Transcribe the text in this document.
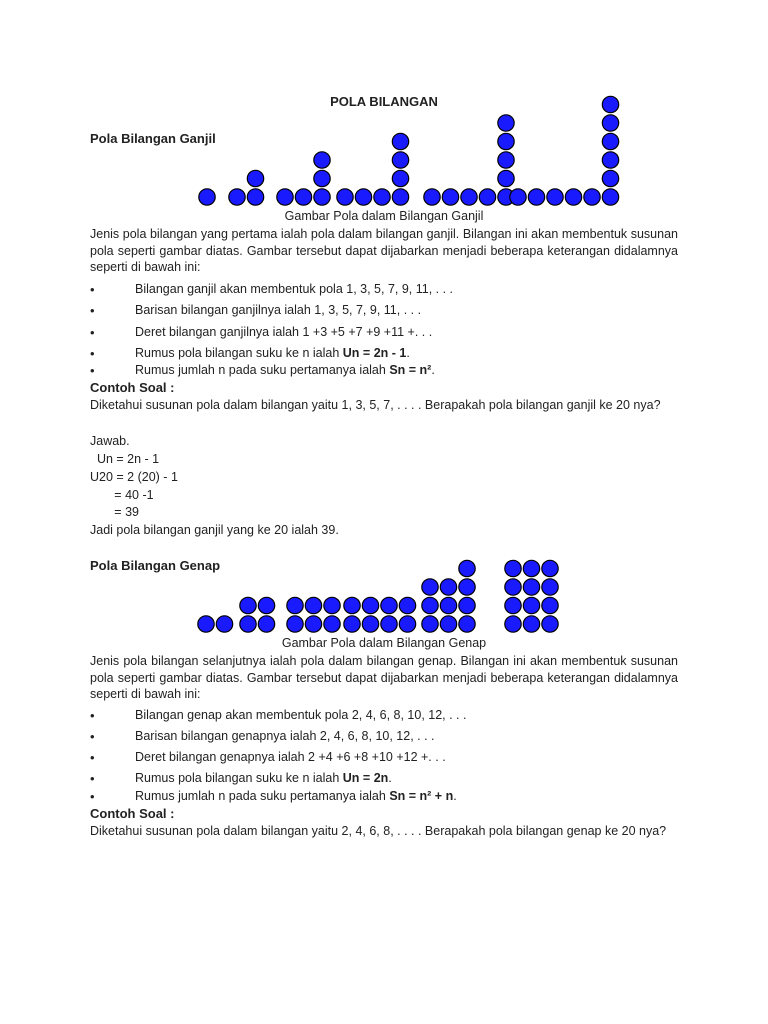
POLA BILANGAN
Pola Bilangan Ganjil
Gambar Pola dalam Bilangan Ganjil
Jenis pola bilangan yang pertama ialah pola dalam bilangan ganjil. Bilangan ini akan membentuk susunan pola seperti gambar diatas. Gambar tersebut dapat dijabarkan menjadi beberapa keterangan didalamnya seperti di bawah ini:
•	Bilangan ganjil akan membentuk pola 1, 3, 5, 7, 9, 11, . . .
•	Barisan bilangan ganjilnya ialah 1, 3, 5, 7, 9, 11, . . .
•	Deret bilangan ganjilnya ialah 1 +3 +5 +7 +9 +11 +. . .
•	Rumus pola bilangan suku ke n ialah Un = 2n - 1.
•	Rumus jumlah n pada suku pertamanya ialah Sn = n².
Contoh Soal :
Diketahui susunan pola dalam bilangan yaitu 1, 3, 5, 7, . . . . Berapakah pola bilangan ganjil ke 20 nya?
Jawab.
Un = 2n - 1
U20 = 2 (20) - 1
= 40 -1
= 39
Jadi pola bilangan ganjil yang ke 20 ialah 39.
Pola Bilangan Genap
Gambar Pola dalam Bilangan Genap
Jenis pola bilangan selanjutnya ialah pola dalam bilangan genap. Bilangan ini akan membentuk susunan pola seperti gambar diatas. Gambar tersebut dapat dijabarkan menjadi beberapa keterangan didalamnya seperti di bawah ini:
•	Bilangan genap akan membentuk pola 2, 4, 6, 8, 10, 12, . . .
•	Barisan bilangan genapnya ialah 2, 4, 6, 8, 10, 12, . . .
•	Deret bilangan genapnya ialah 2 +4 +6 +8 +10 +12 +. . .
•	Rumus pola bilangan suku ke n ialah Un = 2n.
•	Rumus jumlah n pada suku pertamanya ialah Sn = n² + n.
Contoh Soal :
Diketahui susunan pola dalam bilangan yaitu 2, 4, 6, 8, . . . . Berapakah pola bilangan genap ke 20 nya?
